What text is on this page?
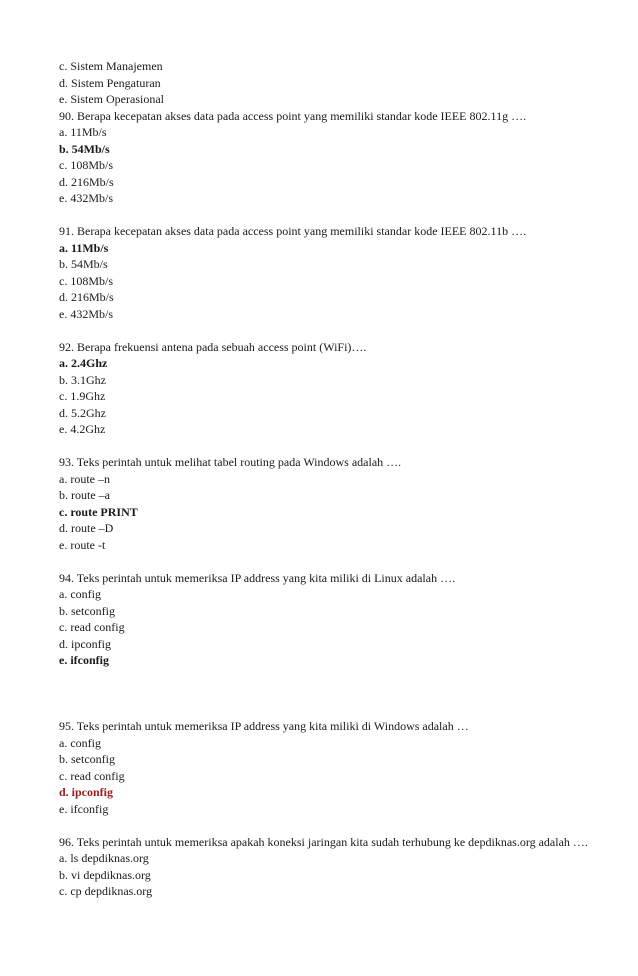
c. Sistem Manajemen
d. Sistem Pengaturan
e. Sistem Operasional
90. Berapa kecepatan akses data pada access point yang memiliki standar kode IEEE 802.11g ….
a. 11Mb/s
b. 54Mb/s
c. 108Mb/s
d. 216Mb/s
e. 432Mb/s
91. Berapa kecepatan akses data pada access point yang memiliki standar kode IEEE 802.11b ….
a. 11Mb/s
b. 54Mb/s
c. 108Mb/s
d. 216Mb/s
e. 432Mb/s
92. Berapa frekuensi antena pada sebuah access point (WiFi)….
a. 2.4Ghz
b. 3.1Ghz
c. 1.9Ghz
d. 5.2Ghz
e. 4.2Ghz
93. Teks perintah untuk melihat tabel routing pada Windows adalah ….
a. route –n
b. route –a
c. route PRINT
d. route –D
e. route -t
94. Teks perintah untuk memeriksa IP address yang kita miliki di Linux adalah ….
a. config
b. setconfig
c. read config
d. ipconfig
e. ifconfig
95. Teks perintah untuk memeriksa IP address yang kita miliki di Windows adalah …
a. config
b. setconfig
c. read config
d. ipconfig
e. ifconfig
96. Teks perintah untuk memeriksa apakah koneksi jaringan kita sudah terhubung ke depdiknas.org adalah ….
a. ls depdiknas.org
b. vi depdiknas.org
c. cp depdiknas.org
